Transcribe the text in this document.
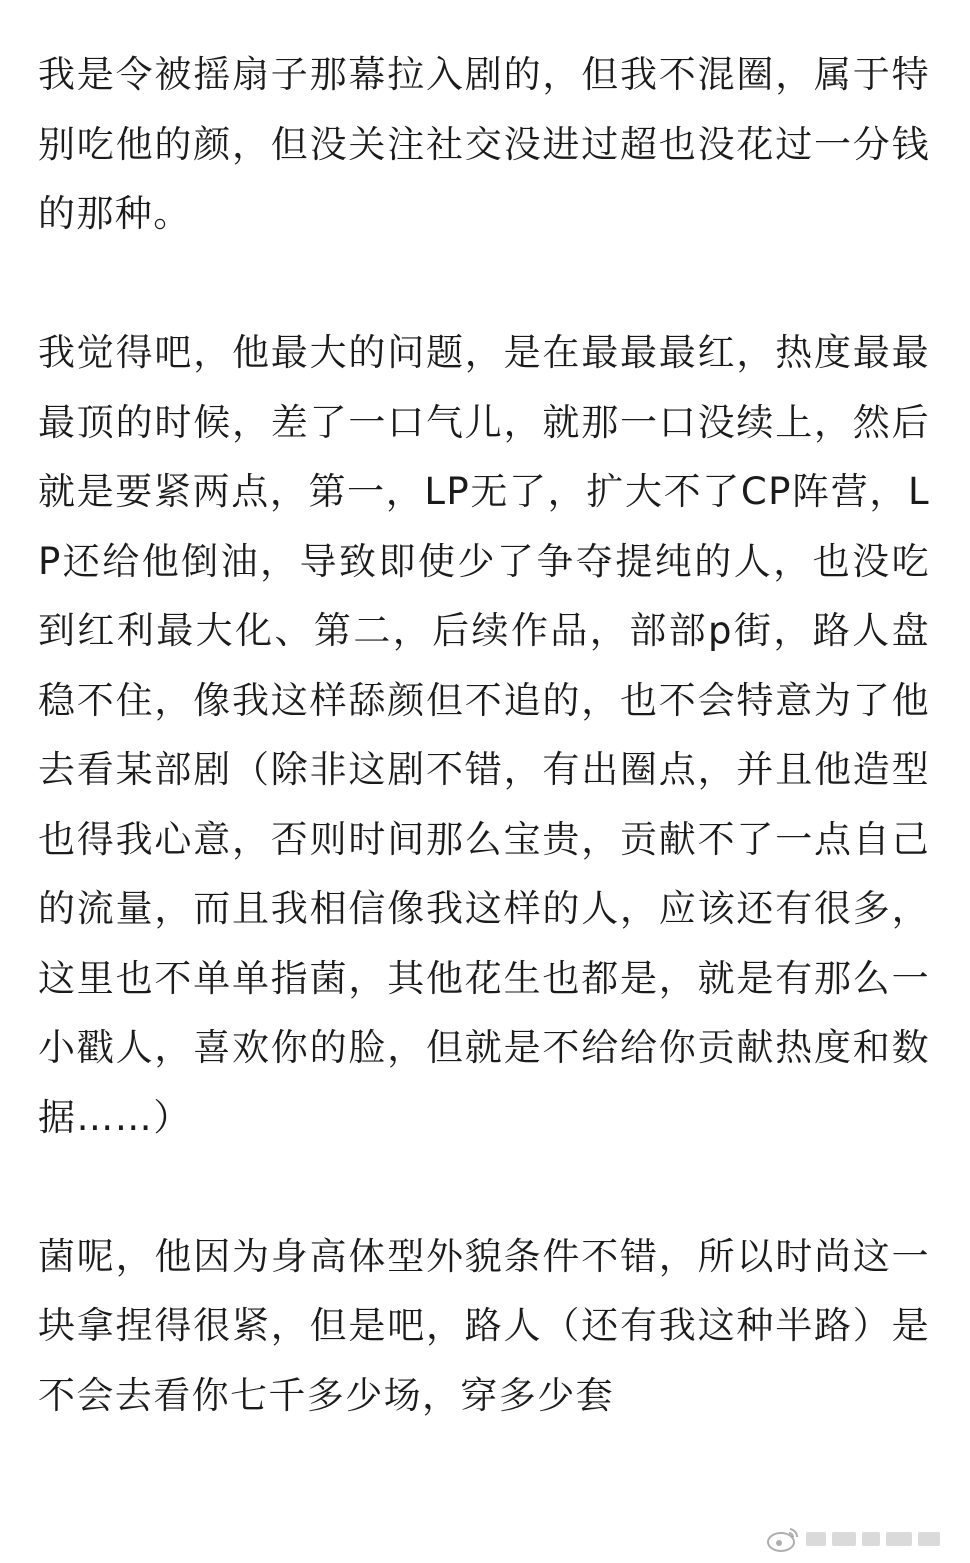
我是令被摇扇子那幕拉入剧的，但我不混圈，属于特别吃他的颜，但没关注社交没进过超也没花过一分钱的那种。

我觉得吧，他最大的问题，是在最最最红，热度最最最顶的时候，差了一口气儿，就那一口没续上，然后就是要紧两点，第一，LP无了，扩大不了CP阵营，LP还给他倒油，导致即使少了争夺提纯的人，也没吃到红利最大化、第二，后续作品，部部p街，路人盘稳不住，像我这样舔颜但不追的，也不会特意为了他去看某部剧（除非这剧不错，有出圈点，并且他造型也得我心意，否则时间那么宝贵，贡献不了一点自己的流量，而且我相信像我这样的人，应该还有很多，这里也不单单指菌，其他花生也都是，就是有那么一小戳人，喜欢你的脸，但就是不给给你贡献热度和数据……）

菌呢，他因为身高体型外貌条件不错，所以时尚这一块拿捏得很紧，但是吧，路人（还有我这种半路）是不会去看你七千多少场，穿多少套
